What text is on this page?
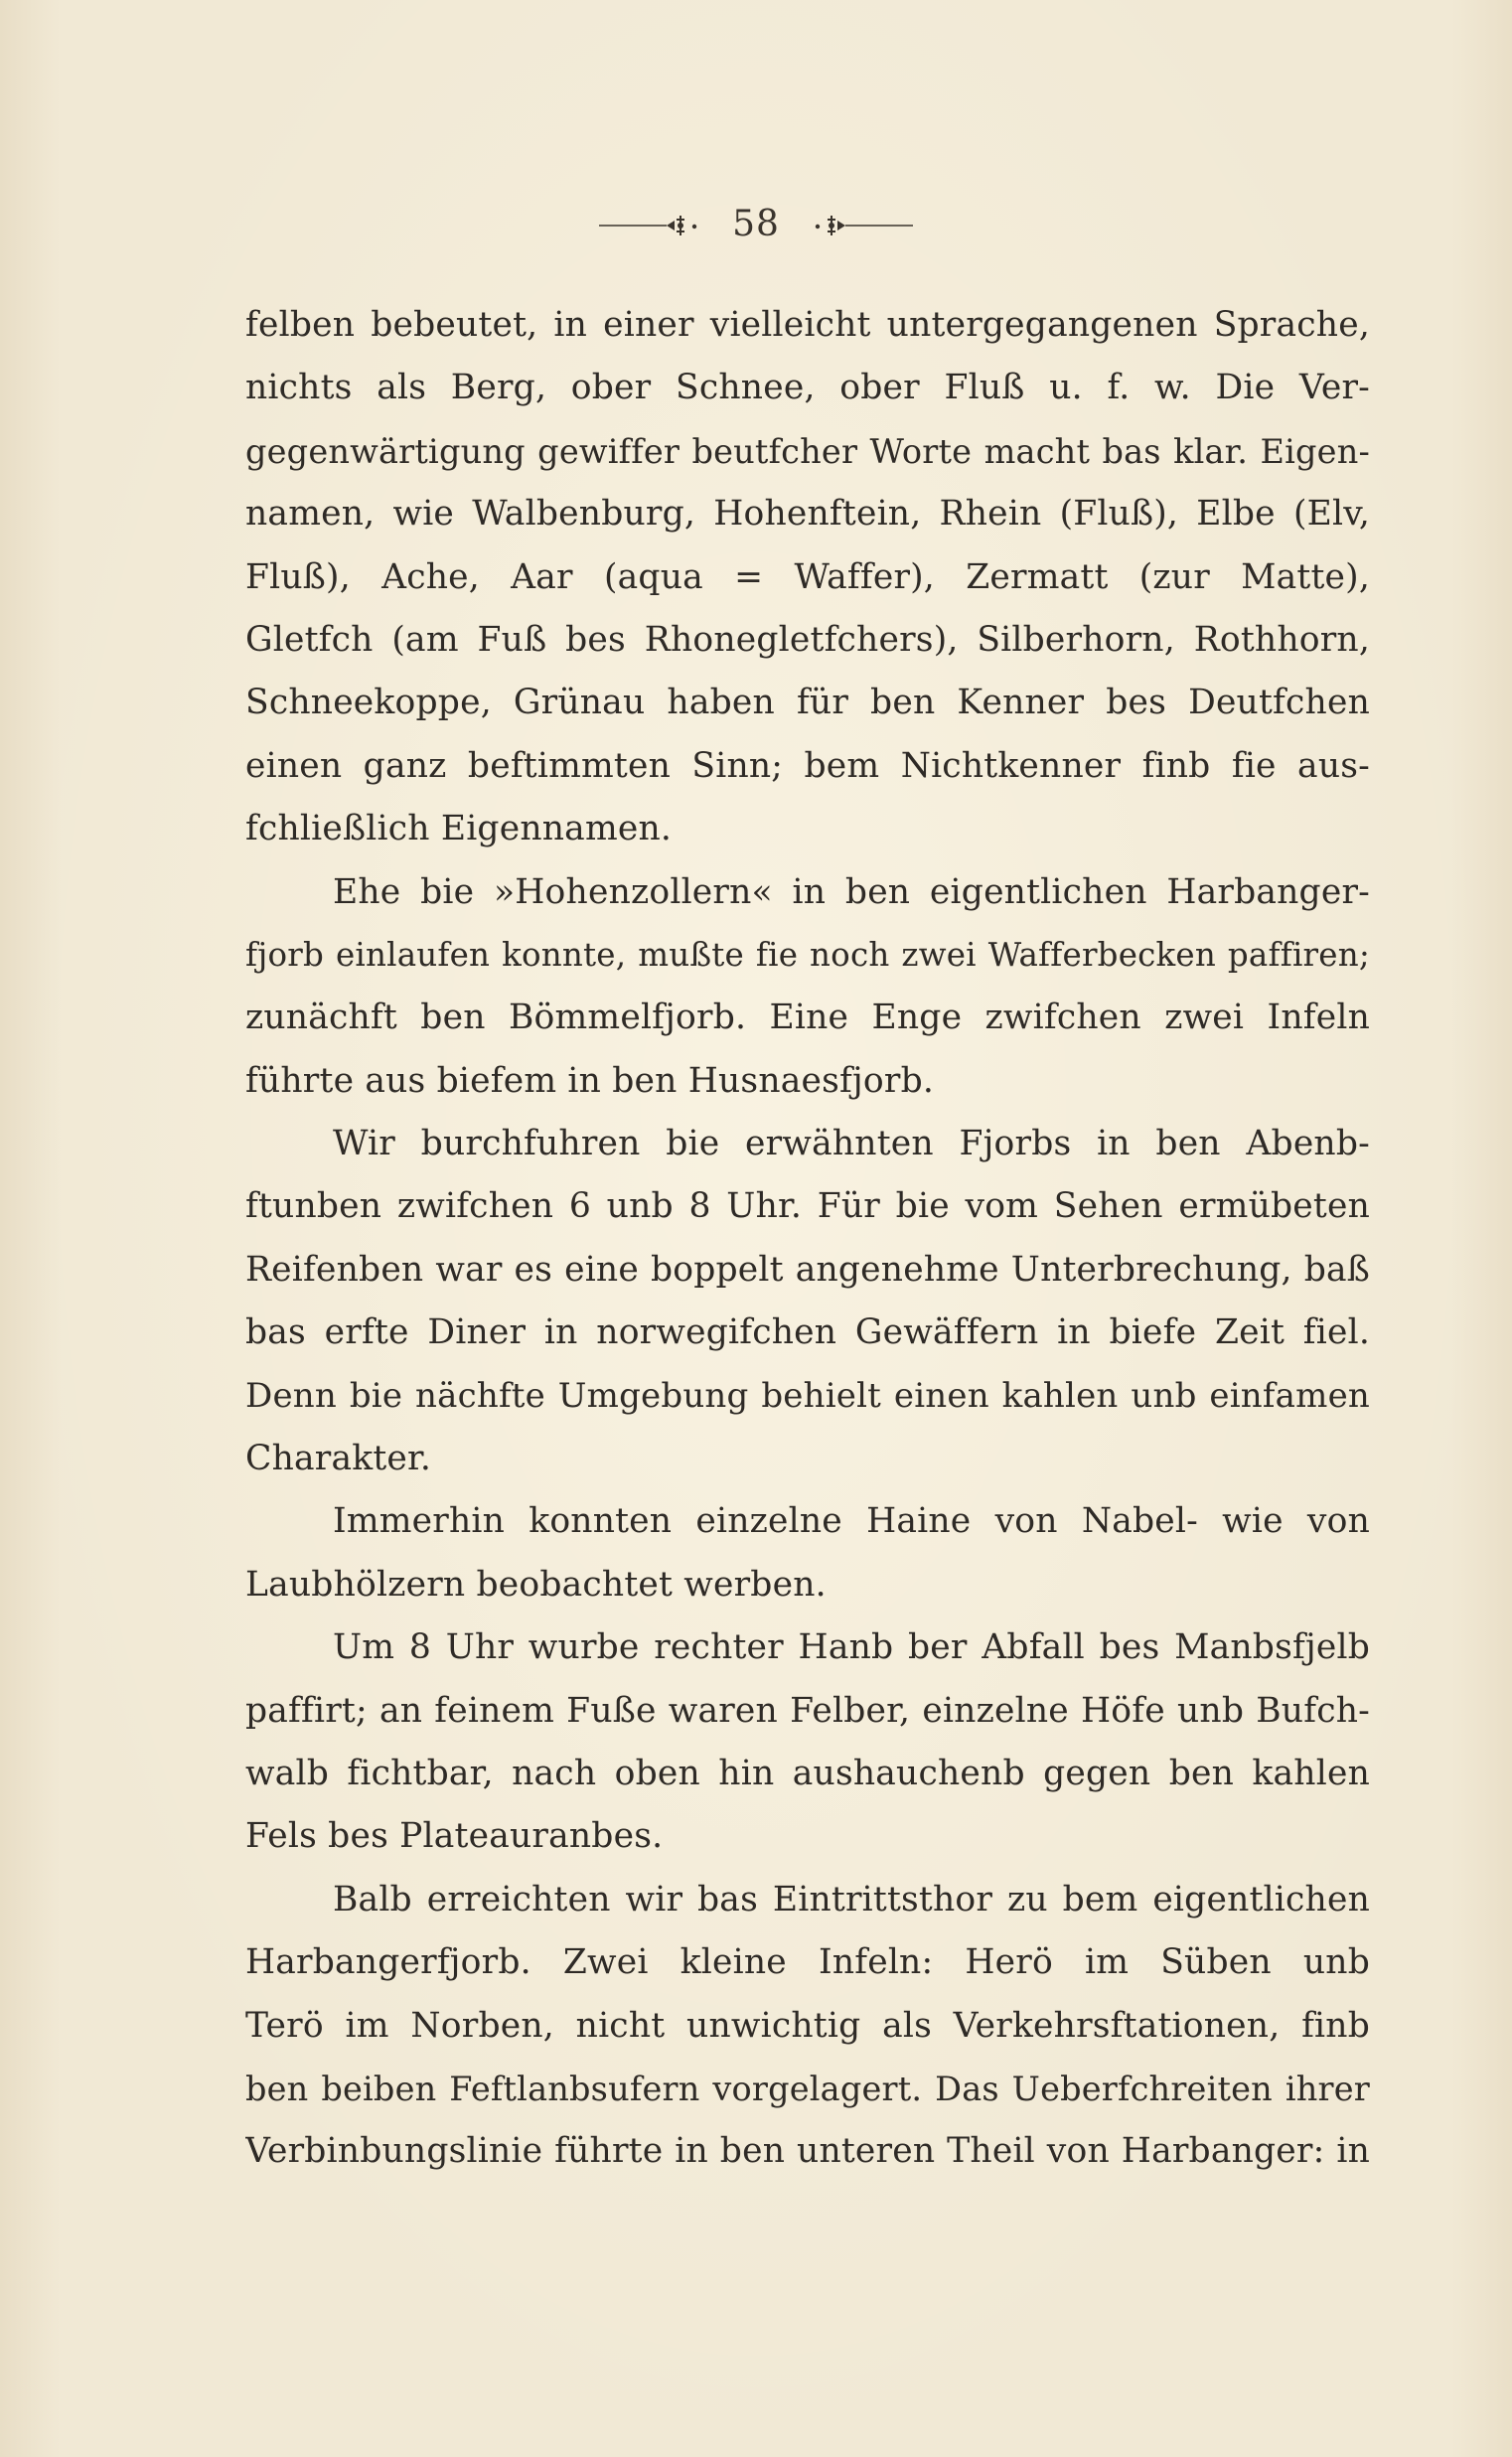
58
felben bebeutet, in einer vielleicht untergegangenen Sprache,
nichts als Berg, ober Schnee, ober Fluß u. f. w. Die Ver-
gegenwärtigung gewiffer beutfcher Worte macht bas klar. Eigen-
namen, wie Walbenburg, Hohenftein, Rhein (Fluß), Elbe (Elv,
Fluß), Ache, Aar (aqua = Waffer), Zermatt (zur Matte),
Gletfch (am Fuß bes Rhonegletfchers), Silberhorn, Rothhorn,
Schneekoppe, Grünau haben für ben Kenner bes Deutfchen
einen ganz beftimmten Sinn; bem Nichtkenner finb fie aus-
fchließlich Eigennamen.
Ehe bie »Hohenzollern« in ben eigentlichen Harbanger-
fjorb einlaufen konnte, mußte fie noch zwei Wafferbecken paffiren;
zunächft ben Bömmelfjorb. Eine Enge zwifchen zwei Infeln
führte aus biefem in ben Husnaesfjorb.
Wir burchfuhren bie erwähnten Fjorbs in ben Abenb-
ftunben zwifchen 6 unb 8 Uhr. Für bie vom Sehen ermübeten
Reifenben war es eine boppelt angenehme Unterbrechung, baß
bas erfte Diner in norwegifchen Gewäffern in biefe Zeit fiel.
Denn bie nächfte Umgebung behielt einen kahlen unb einfamen
Charakter.
Immerhin konnten einzelne Haine von Nabel- wie von
Laubhölzern beobachtet werben.
Um 8 Uhr wurbe rechter Hanb ber Abfall bes Manbsfjelb
paffirt; an feinem Fuße waren Felber, einzelne Höfe unb Bufch-
walb fichtbar, nach oben hin aushauchenb gegen ben kahlen
Fels bes Plateauranbes.
Balb erreichten wir bas Eintrittsthor zu bem eigentlichen
Harbangerfjorb. Zwei kleine Infeln: Herö im Süben unb
Terö im Norben, nicht unwichtig als Verkehrsftationen, finb
ben beiben Feftlanbsufern vorgelagert. Das Ueberfchreiten ihrer
Verbinbungslinie führte in ben unteren Theil von Harbanger: in
